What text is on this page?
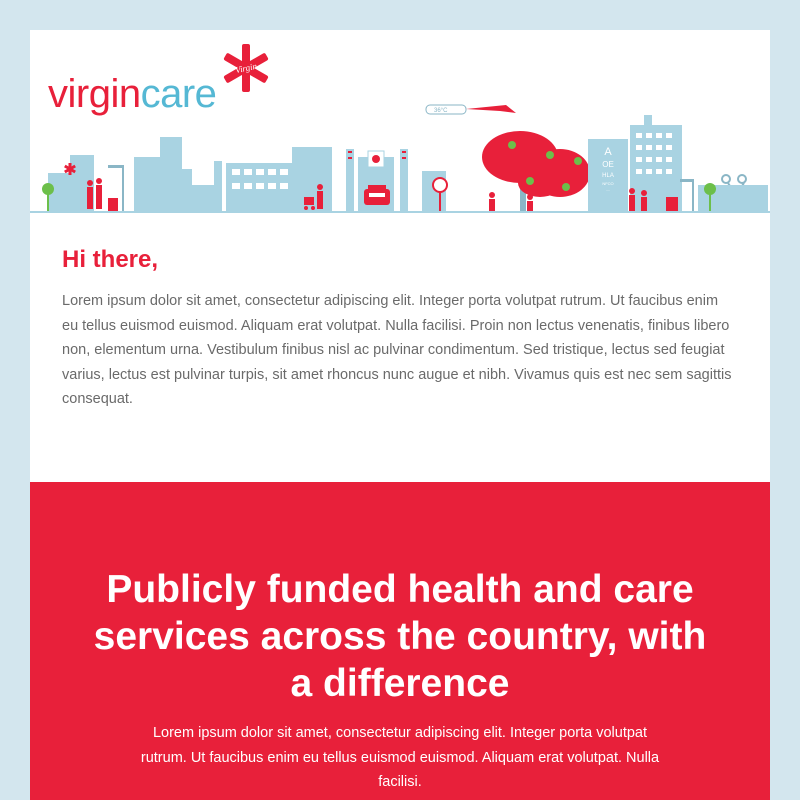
36°C
A
OE
HLA
NFCO
....
virgincare
Virgin
Hi there,

Lorem ipsum dolor sit amet, consectetur adipiscing elit. Integer porta volutpat rutrum. Ut faucibus enim eu tellus euismod euismod. Aliquam erat volutpat. Nulla facilisi. Proin non lectus venenatis, finibus libero non, elementum urna. Vestibulum finibus nisl ac pulvinar condimentum. Sed tristique, lectus sed feugiat varius, lectus est pulvinar turpis, sit amet rhoncus nunc augue et nibh. Vivamus quis est nec sem sagittis consequat.

Publicly funded health and care services across the country, with a difference

Lorem ipsum dolor sit amet, consectetur adipiscing elit. Integer porta volutpat rutrum. Ut faucibus enim eu tellus euismod euismod. Aliquam erat volutpat. Nulla facilisi.
